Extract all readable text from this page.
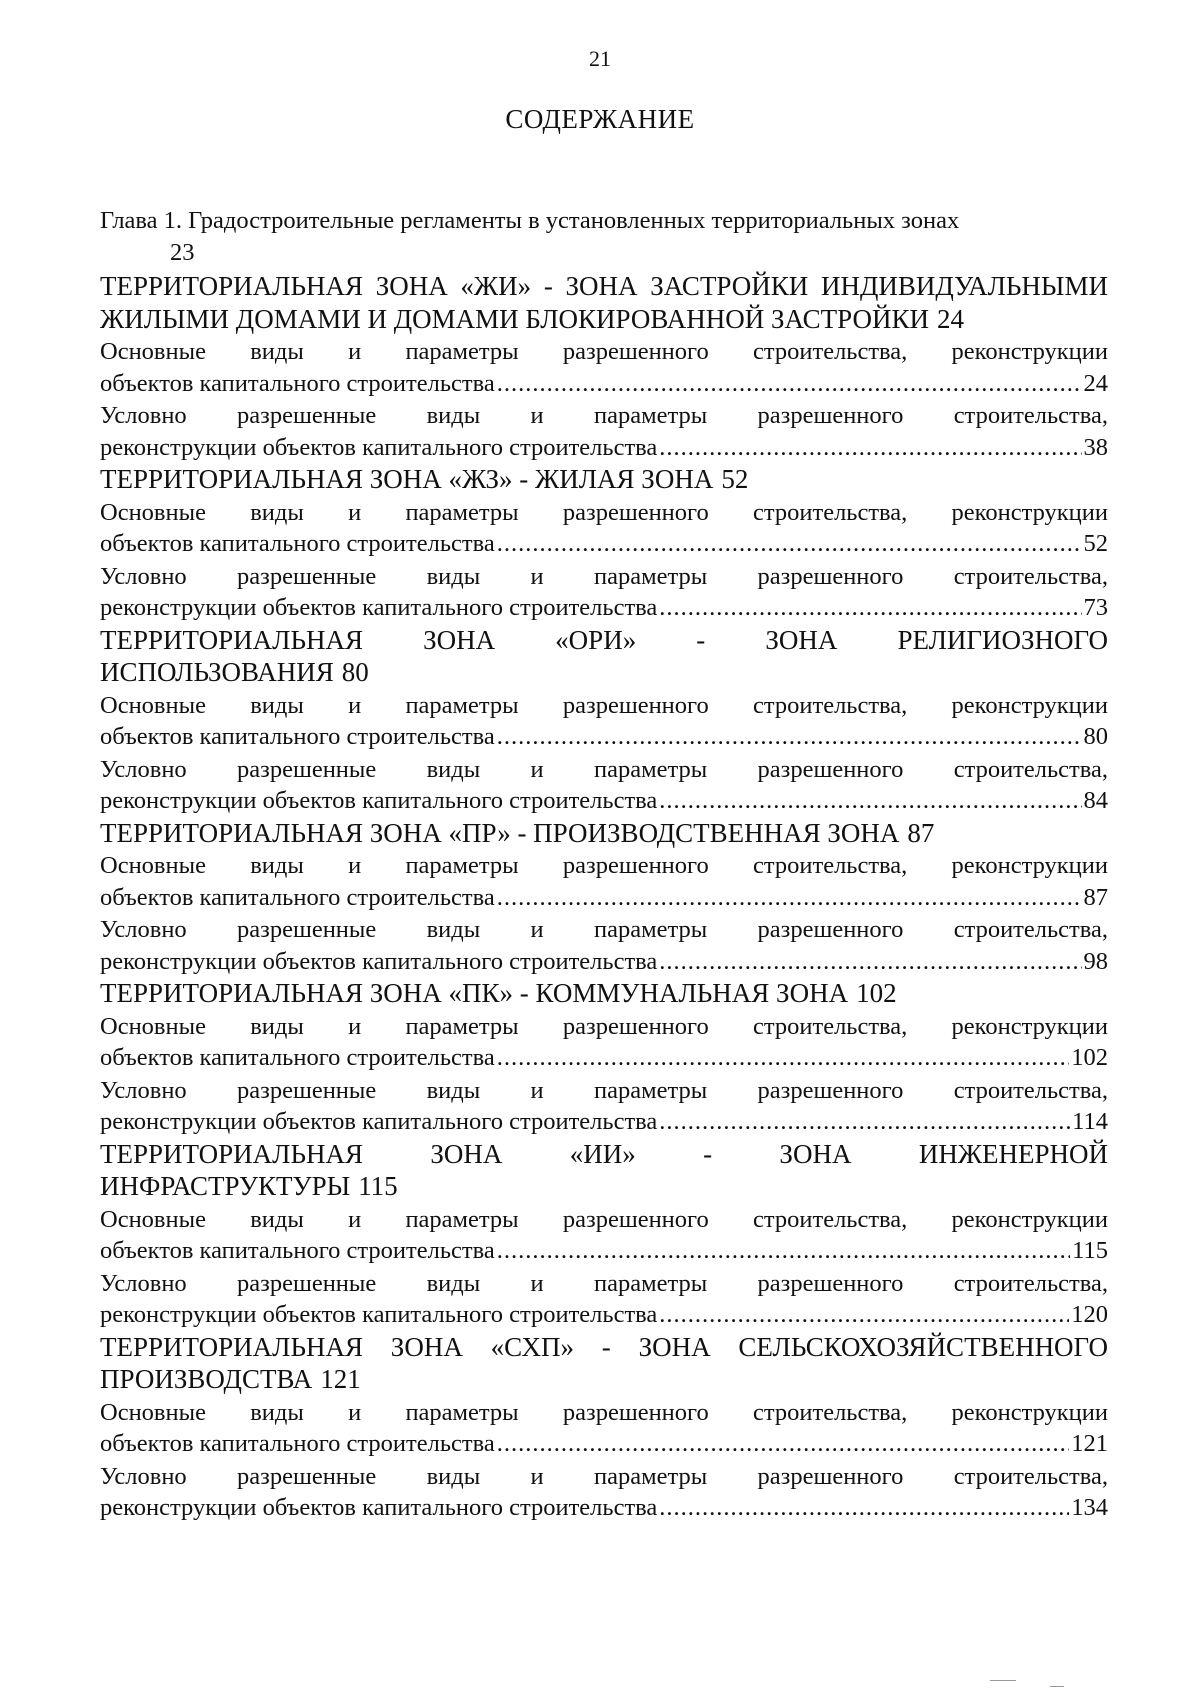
21
СОДЕРЖАНИЕ
Глава 1. Градостроительные регламенты в установленных территориальных зонах
23
ТЕРРИТОРИАЛЬНАЯ ЗОНА «ЖИ» - ЗОНА ЗАСТРОЙКИ ИНДИВИДУАЛЬНЫМИ ЖИЛЫМИ ДОМАМИ И ДОМАМИ БЛОКИРОВАННОЙ ЗАСТРОЙКИ 24
Основные виды и параметры разрешенного строительства, реконструкции
объектов капитального строительства .....	24
Условно разрешенные виды и параметры разрешенного строительства,
реконструкции объектов капитального строительства .....	38
ТЕРРИТОРИАЛЬНАЯ ЗОНА «ЖЗ» - ЖИЛАЯ ЗОНА 52
Основные виды и параметры разрешенного строительства, реконструкции
объектов капитального строительства .....	52
Условно разрешенные виды и параметры разрешенного строительства,
реконструкции объектов капитального строительства .....	73
ТЕРРИТОРИАЛЬНАЯ ЗОНА «ОРИ» - ЗОНА РЕЛИГИОЗНОГО ИСПОЛЬЗОВАНИЯ 80
Основные виды и параметры разрешенного строительства, реконструкции
объектов капитального строительства .....	80
Условно разрешенные виды и параметры разрешенного строительства,
реконструкции объектов капитального строительства .....	84
ТЕРРИТОРИАЛЬНАЯ ЗОНА «ПР» - ПРОИЗВОДСТВЕННАЯ ЗОНА 87
Основные виды и параметры разрешенного строительства, реконструкции
объектов капитального строительства .....	87
Условно разрешенные виды и параметры разрешенного строительства,
реконструкции объектов капитального строительства .....	98
ТЕРРИТОРИАЛЬНАЯ ЗОНА «ПК» - КОММУНАЛЬНАЯ ЗОНА 102
Основные виды и параметры разрешенного строительства, реконструкции
объектов капитального строительства .....	102
Условно разрешенные виды и параметры разрешенного строительства,
реконструкции объектов капитального строительства .....	114
ТЕРРИТОРИАЛЬНАЯ ЗОНА «ИИ» - ЗОНА ИНЖЕНЕРНОЙ ИНФРАСТРУКТУРЫ 115
Основные виды и параметры разрешенного строительства, реконструкции
объектов капитального строительства .....	115
Условно разрешенные виды и параметры разрешенного строительства,
реконструкции объектов капитального строительства .....	120
ТЕРРИТОРИАЛЬНАЯ ЗОНА «СХП» - ЗОНА СЕЛЬСКОХОЗЯЙСТВЕННОГО ПРОИЗВОДСТВА 121
Основные виды и параметры разрешенного строительства, реконструкции
объектов капитального строительства .....	121
Условно разрешенные виды и параметры разрешенного строительства,
реконструкции объектов капитального строительства .....	134
